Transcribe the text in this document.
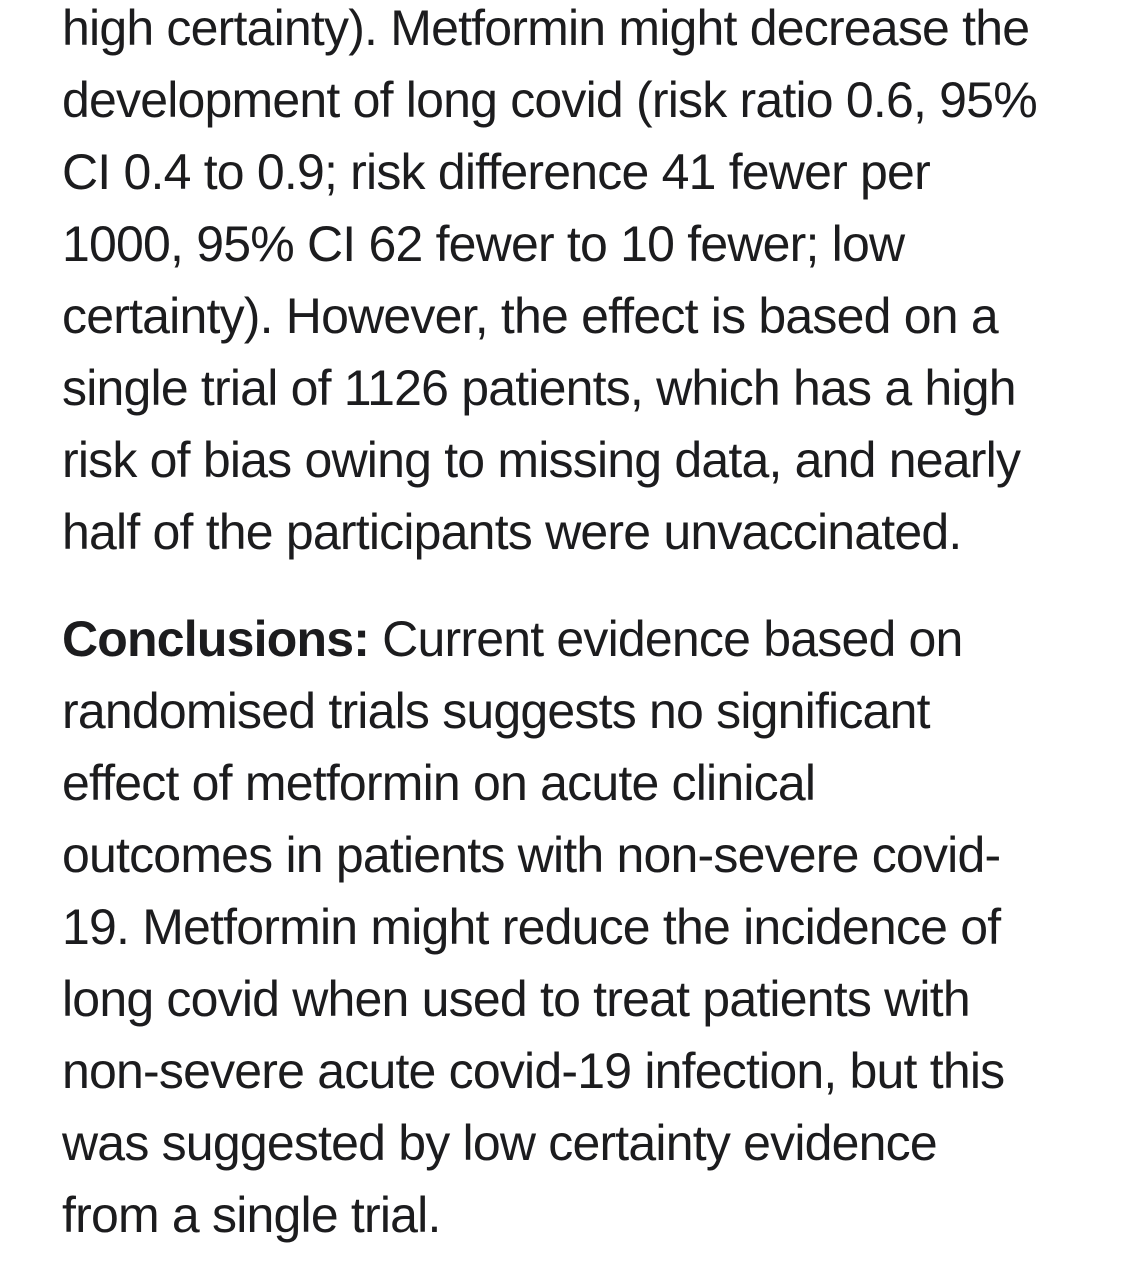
high certainty). Metformin might decrease the
development of long covid (risk ratio 0.6, 95%
CI 0.4 to 0.9; risk difference 41 fewer per
1000, 95% CI 62 fewer to 10 fewer; low
certainty). However, the effect is based on a
single trial of 1126 patients, which has a high
risk of bias owing to missing data, and nearly
half of the participants were unvaccinated.
Conclusions: Current evidence based on
randomised trials suggests no significant
effect of metformin on acute clinical
outcomes in patients with non-severe covid-
19. Metformin might reduce the incidence of
long covid when used to treat patients with
non-severe acute covid-19 infection, but this
was suggested by low certainty evidence
from a single trial.
